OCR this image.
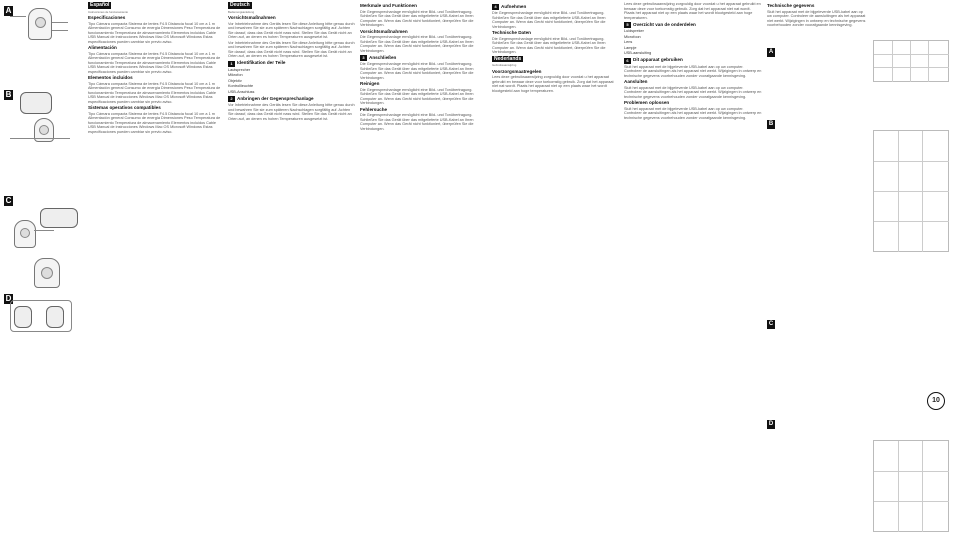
A
B
C
D
Español
Instrucciones de funcionamiento
Especificaciones

Tipo Cámara compacta Sistema de lentes F4.5 Distancia focal 10 cm a 1 m Alimentación general Consumo de energía Dimensiones Peso Temperatura de funcionamiento Temperatura de almacenamiento Elementos incluidos Cable USB Manual de instrucciones Windows Mac OS Microsoft Windows Estas especificaciones pueden cambiar sin previo aviso.

Alimentación

Tipo Cámara compacta Sistema de lentes F4.5 Distancia focal 10 cm a 1 m Alimentación general Consumo de energía Dimensiones Peso Temperatura de funcionamiento Temperatura de almacenamiento Elementos incluidos Cable USB Manual de instrucciones Windows Mac OS Microsoft Windows Estas especificaciones pueden cambiar sin previo aviso.

Elementos incluidos

Tipo Cámara compacta Sistema de lentes F4.5 Distancia focal 10 cm a 1 m Alimentación general Consumo de energía Dimensiones Peso Temperatura de funcionamiento Temperatura de almacenamiento Elementos incluidos Cable USB Manual de instrucciones Windows Mac OS Microsoft Windows Estas especificaciones pueden cambiar sin previo aviso.

Sistemas operativos compatibles

Tipo Cámara compacta Sistema de lentes F4.5 Distancia focal 10 cm a 1 m Alimentación general Consumo de energía Dimensiones Peso Temperatura de funcionamiento Temperatura de almacenamiento Elementos incluidos Cable USB Manual de instrucciones Windows Mac OS Microsoft Windows Estas especificaciones pueden cambiar sin previo aviso.

Deutsch
Bedienungsanleitung
Vorsichtsmaßnahmen

Vor Inbetriebnahme des Geräts lesen Sie diese Anleitung bitte genau durch und bewahren Sie sie zum späteren Nachschlagen sorgfältig auf. Achten Sie darauf, dass das Gerät nicht nass wird. Stellen Sie das Gerät nicht an Orten auf, an denen es hohen Temperaturen ausgesetzt ist.

Vor Inbetriebnahme des Geräts lesen Sie diese Anleitung bitte genau durch und bewahren Sie sie zum späteren Nachschlagen sorgfältig auf. Achten Sie darauf, dass das Gerät nicht nass wird. Stellen Sie das Gerät nicht an Orten auf, an denen es hohen Temperaturen ausgesetzt ist.

1 Identifikation der Teile

Lautsprecher

Mikrofon

Objektiv

Kontrollleuchte

USB-Anschluss

2 Anbringen der Gegensprechanlage

Vor Inbetriebnahme des Geräts lesen Sie diese Anleitung bitte genau durch und bewahren Sie sie zum späteren Nachschlagen sorgfältig auf. Achten Sie darauf, dass das Gerät nicht nass wird. Stellen Sie das Gerät nicht an Orten auf, an denen es hohen Temperaturen ausgesetzt ist.

Merkmale und Funktionen

Die Gegensprechanlage ermöglicht eine Bild- und Tonübertragung. Schließen Sie das Gerät über das mitgelieferte USB-Kabel an Ihren Computer an. Wenn das Gerät nicht funktioniert, überprüfen Sie die Verbindungen.

Vorsichtsmaßnahmen

Die Gegensprechanlage ermöglicht eine Bild- und Tonübertragung. Schließen Sie das Gerät über das mitgelieferte USB-Kabel an Ihren Computer an. Wenn das Gerät nicht funktioniert, überprüfen Sie die Verbindungen.

3 Anschließen

Die Gegensprechanlage ermöglicht eine Bild- und Tonübertragung. Schließen Sie das Gerät über das mitgelieferte USB-Kabel an Ihren Computer an. Wenn das Gerät nicht funktioniert, überprüfen Sie die Verbindungen.

Reinigen

Die Gegensprechanlage ermöglicht eine Bild- und Tonübertragung. Schließen Sie das Gerät über das mitgelieferte USB-Kabel an Ihren Computer an. Wenn das Gerät nicht funktioniert, überprüfen Sie die Verbindungen.

Fehlersuche

Die Gegensprechanlage ermöglicht eine Bild- und Tonübertragung. Schließen Sie das Gerät über das mitgelieferte USB-Kabel an Ihren Computer an. Wenn das Gerät nicht funktioniert, überprüfen Sie die Verbindungen.

4 Aufnehmen

Die Gegensprechanlage ermöglicht eine Bild- und Tonübertragung. Schließen Sie das Gerät über das mitgelieferte USB-Kabel an Ihren Computer an. Wenn das Gerät nicht funktioniert, überprüfen Sie die Verbindungen.

Technische Daten

Die Gegensprechanlage ermöglicht eine Bild- und Tonübertragung. Schließen Sie das Gerät über das mitgelieferte USB-Kabel an Ihren Computer an. Wenn das Gerät nicht funktioniert, überprüfen Sie die Verbindungen.

Nederlands
Gebruiksaanwijzing
Voorzorgsmaatregelen

Lees deze gebruiksaanwijzing zorgvuldig door voordat u het apparaat gebruikt en bewaar deze voor toekomstig gebruik. Zorg dat het apparaat niet nat wordt. Plaats het apparaat niet op een plaats waar het wordt blootgesteld aan hoge temperaturen.

Lees deze gebruiksaanwijzing zorgvuldig door voordat u het apparaat gebruikt en bewaar deze voor toekomstig gebruik. Zorg dat het apparaat niet nat wordt. Plaats het apparaat niet op een plaats waar het wordt blootgesteld aan hoge temperaturen.

5 Overzicht van de onderdelen

Luidspreker

Microfoon

Lens

Lampje

USB-aansluiting

6 Dit apparaat gebruiken

Sluit het apparaat met de bijgeleverde USB-kabel aan op uw computer. Controleer de aansluitingen als het apparaat niet werkt. Wijzigingen in ontwerp en technische gegevens voorbehouden zonder voorafgaande kennisgeving.

Aansluiten

Sluit het apparaat met de bijgeleverde USB-kabel aan op uw computer. Controleer de aansluitingen als het apparaat niet werkt. Wijzigingen in ontwerp en technische gegevens voorbehouden zonder voorafgaande kennisgeving.

Problemen oplossen

Sluit het apparaat met de bijgeleverde USB-kabel aan op uw computer. Controleer de aansluitingen als het apparaat niet werkt. Wijzigingen in ontwerp en technische gegevens voorbehouden zonder voorafgaande kennisgeving.

Technische gegevens

Sluit het apparaat met de bijgeleverde USB-kabel aan op uw computer. Controleer de aansluitingen als het apparaat niet werkt. Wijzigingen in ontwerp en technische gegevens voorbehouden zonder voorafgaande kennisgeving.

A
B
C
D
10
